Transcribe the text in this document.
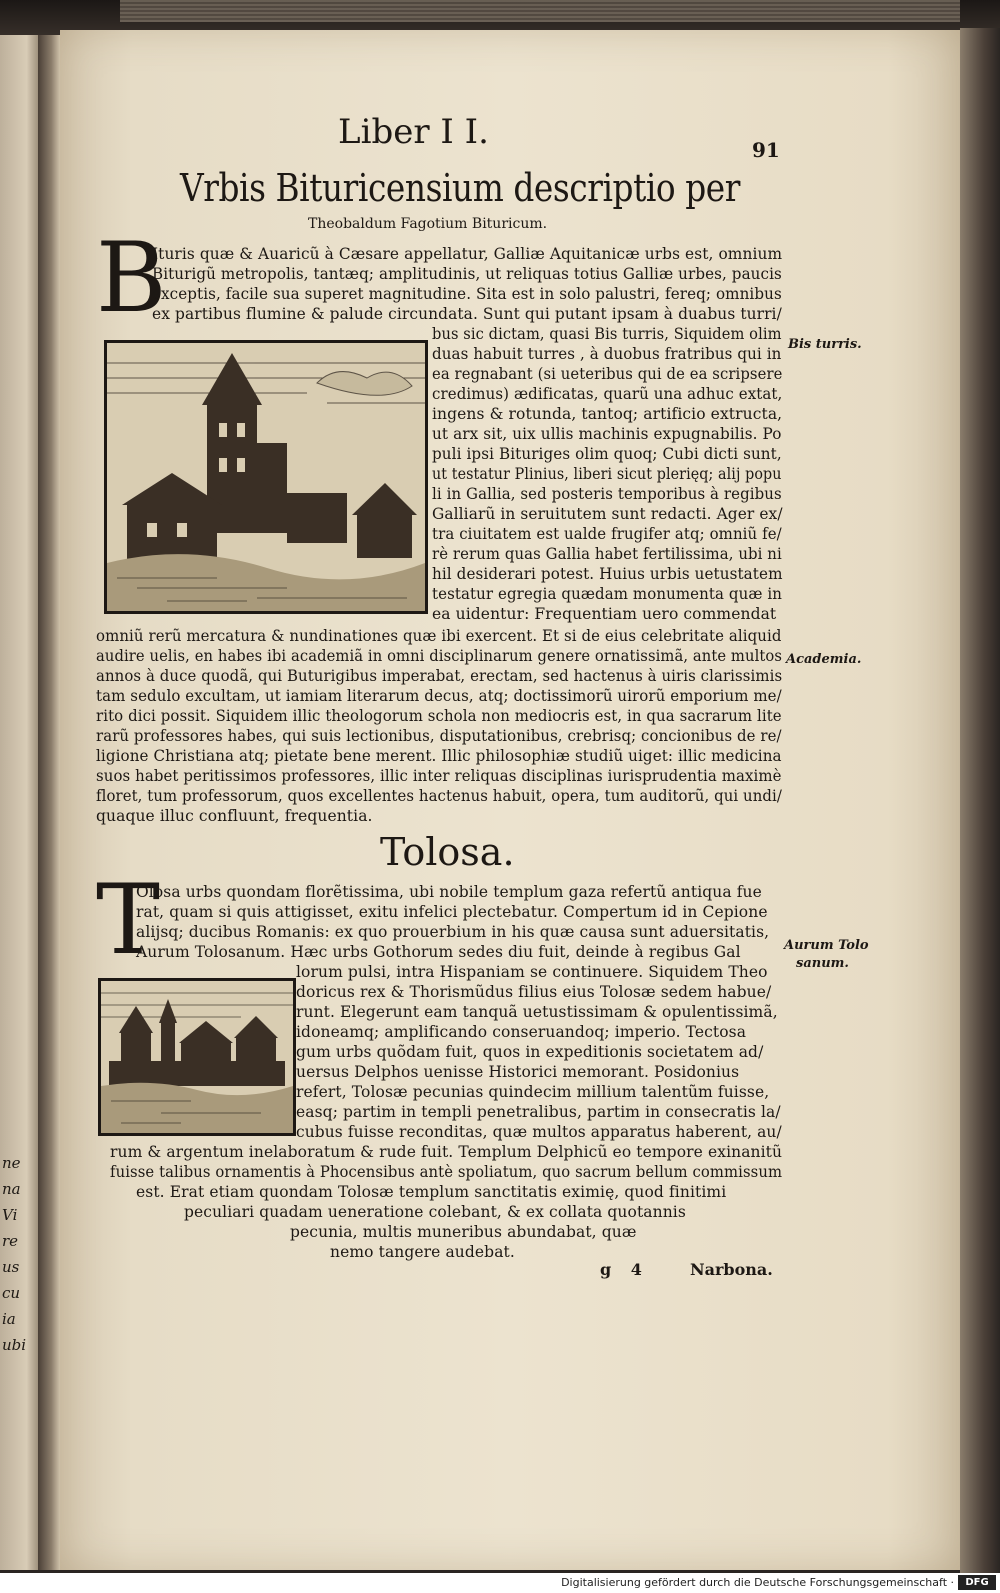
ne
na
Vi
re
us
cu
ia
ubi
Liber I I.	91
Vrbis Bituricensium descriptio per
Theobaldum Fagotium Bituricum.
B
Ituris quæ & Auaricũ à Cæsare appellatur, Galliæ Aquitanicæ urbs est, omnium
Biturigũ metropolis, tantæq; amplitudinis, ut reliquas totius Galliæ urbes, paucis
exceptis, facile sua superet magnitudine. Sita est in solo palustri, fereq; omnibus
ex partibus flumine & palude circundata. Sunt qui putant ipsam à duabus turri/
bus sic dictam, quasi Bis turris, Siquidem olim
duas habuit turres , à duobus fratribus qui in
ea regnabant (si ueteribus qui de ea scripsere
credimus) ædificatas, quarũ una adhuc extat,
ingens & rotunda, tantoq; artificio extructa,
ut arx sit, uix ullis machinis expugnabilis. Po
puli ipsi Bituriges olim quoq; Cubi dicti sunt,
ut testatur Plinius, liberi sicut plerięq; alij popu
li in Gallia, sed posteris temporibus à regibus
Galliarũ in seruitutem sunt redacti. Ager ex/
tra ciuitatem est ualde frugifer atq; omniũ fe/
rè rerum quas Gallia habet fertilissima, ubi ni
hil desiderari potest. Huius urbis uetustatem
testatur egregia quædam monumenta quæ in
ea uidentur: Frequentiam uero commendat
omniũ rerũ mercatura & nundinationes quæ ibi exercent. Et si de eius celebritate aliquid
audire uelis, en habes ibi academiã in omni disciplinarum genere ornatissimã, ante multos
annos à duce quodã, qui Buturigibus imperabat, erectam, sed hactenus à uiris clarissimis
tam sedulo excultam, ut iamiam literarum decus, atq; doctissimorũ uirorũ emporium me/
rito dici possit. Siquidem illic theologorum schola non mediocris est, in qua sacrarum lite
rarũ professores habes, qui suis lectionibus, disputationibus, crebrisq; concionibus de re/
ligione Christiana atq; pietate bene merent. Illic philosophiæ studiũ uiget: illic medicina
suos habet peritissimos professores, illic inter reliquas disciplinas iurisprudentia maximè
floret, tum professorum, quos excellentes hactenus habuit, opera, tum auditorũ, qui undi/
quaque illuc confluunt, frequentia.
Bis turris.
Academia.
Tolosa.
T
Olosa urbs quondam florẽtissima, ubi nobile templum gaza refertũ antiqua fue
rat, quam si quis attigisset, exitu infelici plectebatur. Compertum id in Cepione
alijsq; ducibus Romanis: ex quo prouerbium in his quæ causa sunt aduersitatis,
Aurum Tolosanum. Hæc urbs Gothorum sedes diu fuit, deinde à regibus Gal
lorum pulsi, intra Hispaniam se continuere. Siquidem Theo
doricus rex & Thorismũdus filius eius Tolosæ sedem habue/
runt. Elegerunt eam tanquã uetustissimam & opulentissimã,
idoneamq; amplificando conseruandoq; imperio. Tectosa
gum urbs quõdam fuit, quos in expeditionis societatem ad/
uersus Delphos uenisse Historici memorant. Posidonius
refert, Tolosæ pecunias quindecim millium talentũm fuisse,
easq; partim in templi penetralibus, partim in consecratis la/
cubus fuisse reconditas, quæ multos apparatus haberent, au/
rum & argentum inelaboratum & rude fuit. Templum Delphicũ eo tempore exinanitũ
fuisse talibus ornamentis à Phocensibus antè spoliatum, quo sacrum bellum commissum
est. Erat etiam quondam Tolosæ templum sanctitatis eximię, quod finitimi
peculiari quadam ueneratione colebant, & ex collata quotannis
pecunia, multis muneribus abundabat, quæ
nemo tangere audebat.
Aurum Tolo
sanum.
g 4	Narbona.
Digitalisierung gefördert durch die Deutsche Forschungsgemeinschaft ·	DFG
